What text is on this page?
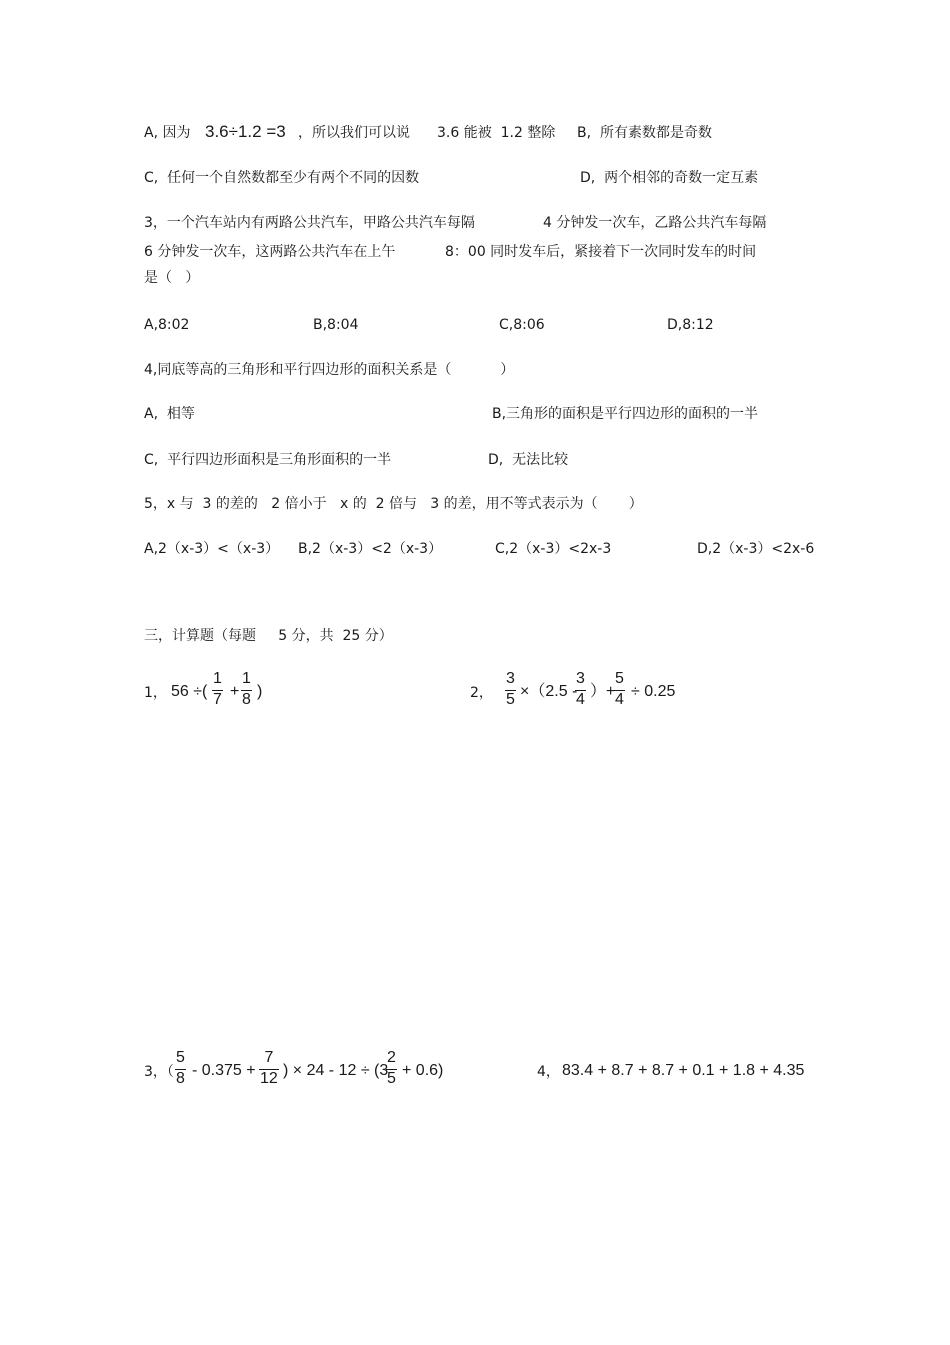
A, 因为 3.6÷1.2 =3 ，所以我们可以说 3.6 能被  1.2 整除 B,  所有素数都是奇数
C,  任何一个自然数都至少有两个不同的因数	D,  两个相邻的奇数一定互素
3，一个汽车站内有两路公共汽车，甲路公共汽车每隔	4 分钟发一次车，乙路公共汽车每隔
6 分钟发一次车，这两路公共汽车在上午	8：00 同时发车后，紧接着下一次同时发车的时间
是（   ）
A,8:02	B,8:04	C,8:06	D,8:12
4,同底等高的三角形和平行四边形的面积关系是（           ）
A,  相等	B,三角形的面积是平行四边形的面积的一半
C,  平行四边形面积是三角形面积的一半	D,  无法比较
5，x 与  3 的差的   2 倍小于   x 的  2 倍与   3 的差，用不等式表示为（       ）
A,2（x-3）<（x-3） B,2（x-3）<2（x-3）	C,2（x-3）<2x-3	D,2（x-3）<2x-6
三，计算题（每题     5 分，共  25 分）
1， 56 ÷( $\frac{1}{7} + \frac{1}{8}$ )	2， $\frac{3}{5} \times(2.5$ -
$\frac{3}{4}$ ）+
$\frac{5}{4} \div 0.25$
3，（ $\frac{5}{8} - 0.375 + \frac{7}{12}$ ) × 24 - 12 ÷ (3
$\frac{2}{5} + 0.6$)	4， 83.4 + 8.7 + 8.7 + 0.1 + 1.8 + 4.35
